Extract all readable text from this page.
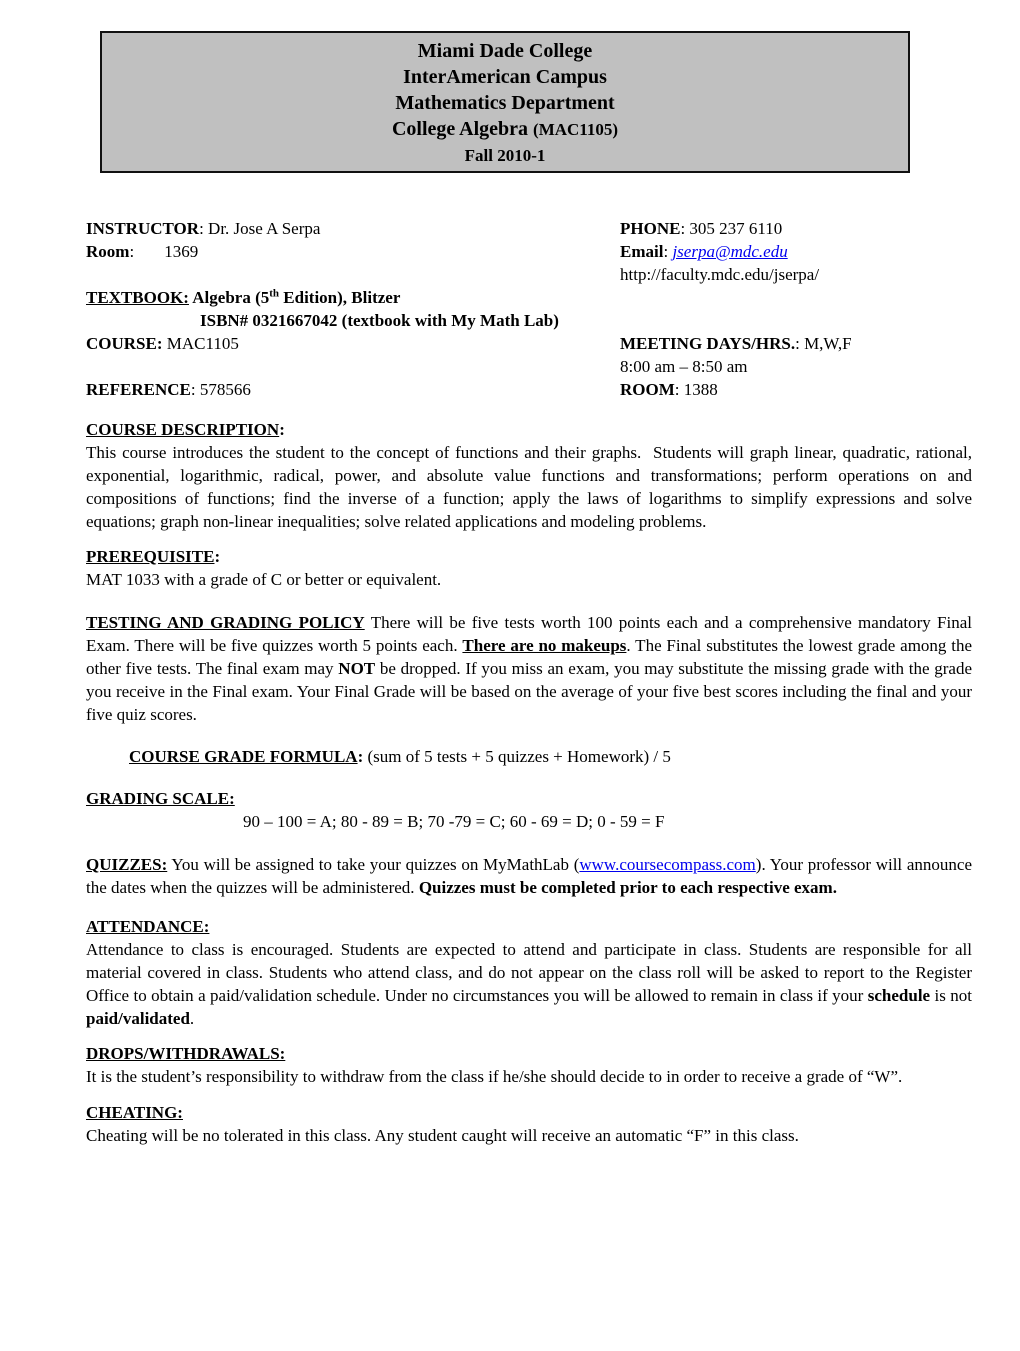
Miami Dade College
InterAmerican Campus
Mathematics Department
College Algebra (MAC1105)
Fall 2010-1
INSTRUCTOR: Dr. Jose A Serpa	PHONE: 305 237 6110
Room: 1369	Email: jserpa@mdc.edu
http://faculty.mdc.edu/jserpa/
TEXTBOOK: Algebra (5th Edition), Blitzer
ISBN# 0321667042 (textbook with My Math Lab)
COURSE: MAC1105	MEETING DAYS/HRS.: M,W,F
8:00 am – 8:50 am
REFERENCE: 578566	ROOM: 1388

COURSE DESCRIPTION:

This course introduces the student to the concept of functions and their graphs.  Students will graph linear, quadratic, rational, exponential, logarithmic, radical, power, and absolute value functions and transformations; perform operations on and compositions of functions; find the inverse of a function; apply the laws of logarithms to simplify expressions and solve equations; graph non-linear inequalities; solve related applications and modeling problems.

PREREQUISITE:

MAT 1033 with a grade of C or better or equivalent.

TESTING AND GRADING POLICY There will be five tests worth 100 points each and a comprehensive mandatory Final Exam. There will be five quizzes worth 5 points each. There are no makeups. The Final substitutes the lowest grade among the other five tests. The final exam may NOT be dropped. If you miss an exam, you may substitute the missing grade with the grade you receive in the Final exam. Your Final Grade will be based on the average of your five best scores including the final and your five quiz scores.

COURSE GRADE FORMULA: (sum of 5 tests + 5 quizzes + Homework) / 5

GRADING SCALE:

90 – 100 = A; 80 - 89 = B; 70 -79 = C; 60 - 69 = D; 0 - 59 = F

QUIZZES: You will be assigned to take your quizzes on MyMathLab (www.coursecompass.com). Your professor will announce the dates when the quizzes will be administered. Quizzes must be completed prior to each respective exam.

ATTENDANCE:

Attendance to class is encouraged. Students are expected to attend and participate in class. Students are responsible for all material covered in class. Students who attend class, and do not appear on the class roll will be asked to report to the Register Office to obtain a paid/validation schedule. Under no circumstances you will be allowed to remain in class if your schedule is not paid/validated.

DROPS/WITHDRAWALS:

It is the student’s responsibility to withdraw from the class if he/she should decide to in order to receive a grade of “W”.

CHEATING:

Cheating will be no tolerated in this class. Any student caught will receive an automatic “F” in this class.
